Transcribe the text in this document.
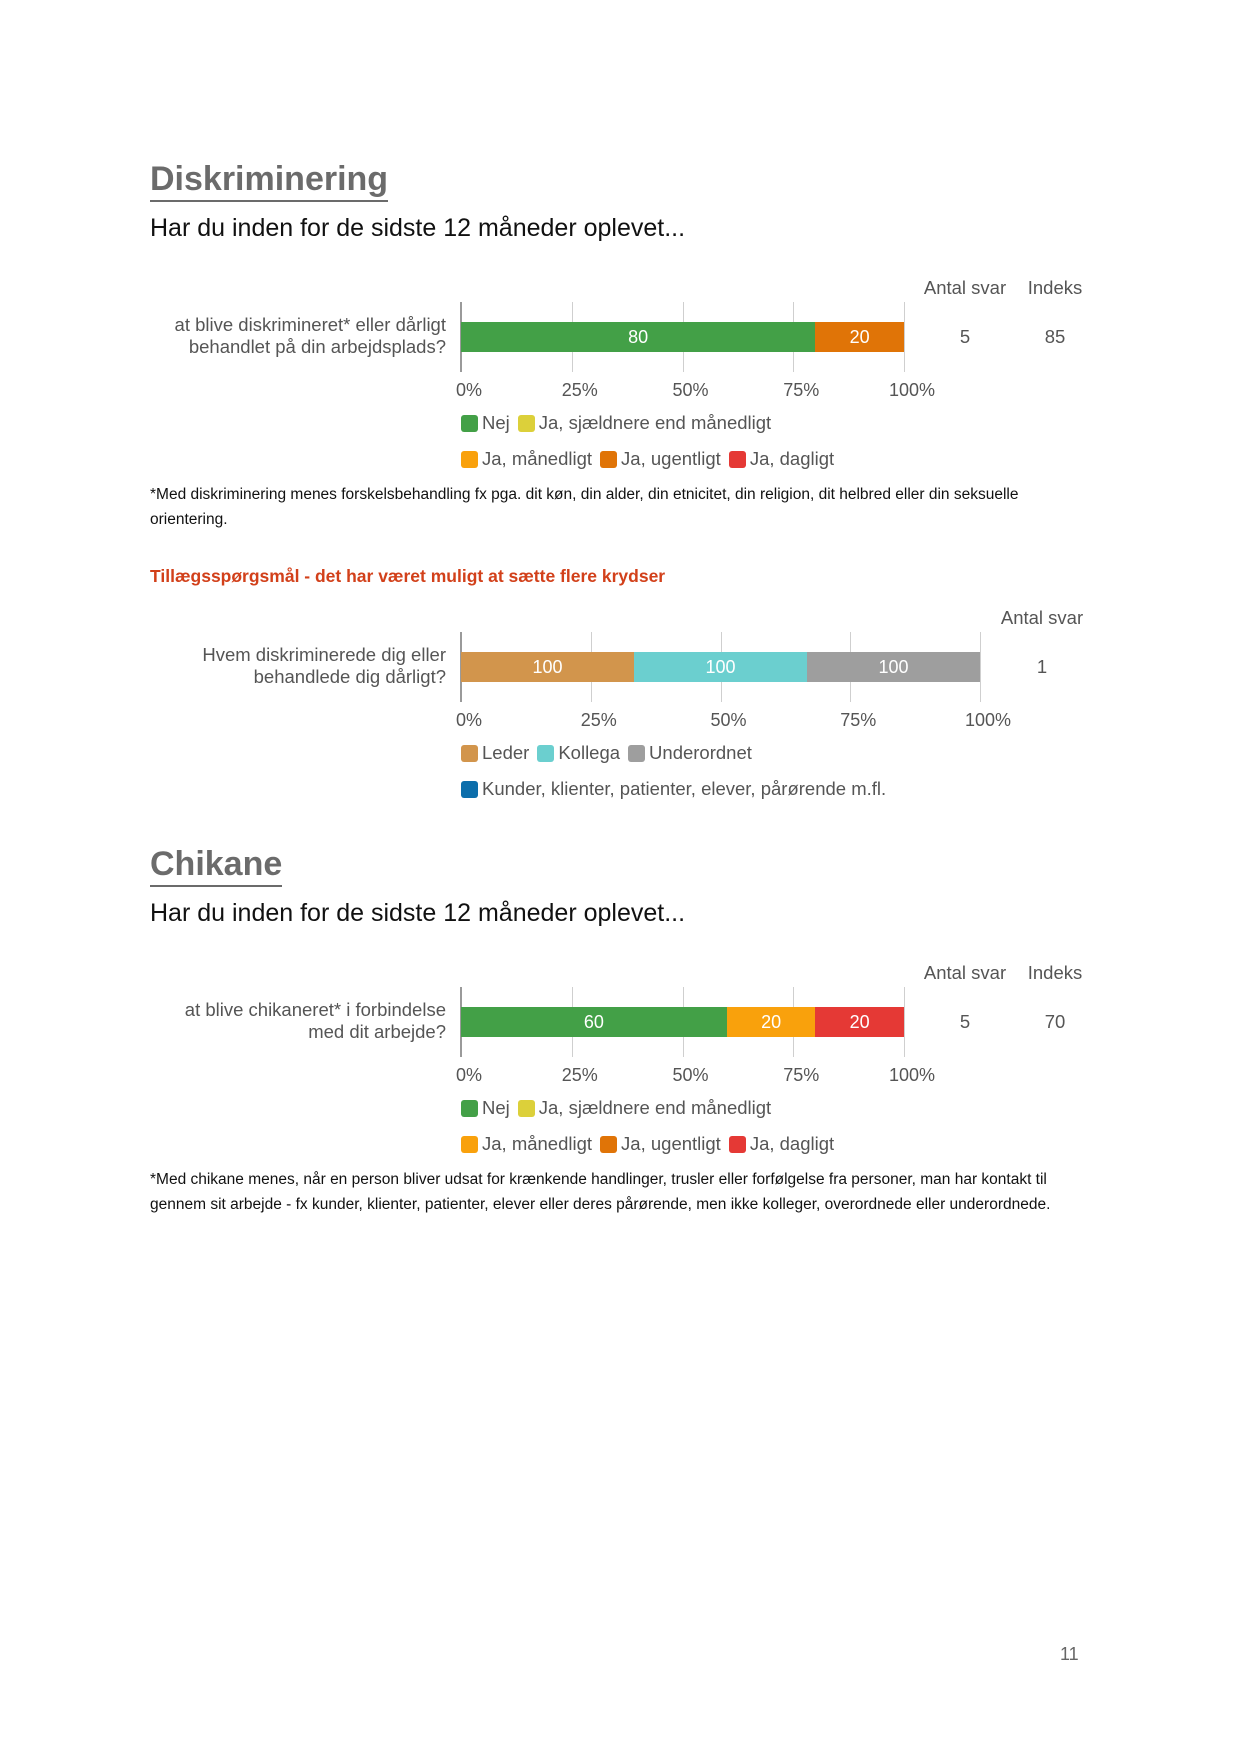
Diskriminering
Har du inden for de sidste 12 måneder oplevet...
at blive diskrimineret* eller dårligt
behandlet på din arbejdsplads?
0%	25%	50%	75%	100%
80	20
Antal svar
5
Indeks
85
Nej Ja, sjældnere end månedligt
Ja, månedligt Ja, ugentligt Ja, dagligt
*Med diskriminering menes forskelsbehandling fx pga. dit køn, din alder, din etnicitet, din religion, dit helbred eller din seksuelle orientering.
Tillægsspørgsmål - det har været muligt at sætte flere krydser
Hvem diskriminerede dig eller
behandlede dig dårligt?
0%	25%	50%	75%	100%
100	100	100
Antal svar
1
Leder Kollega Underordnet
Kunder, klienter, patienter, elever, pårørende m.fl.
Chikane
Har du inden for de sidste 12 måneder oplevet...
at blive chikaneret* i forbindelse
med dit arbejde?
0%	25%	50%	75%	100%
60	20	20
Antal svar
5
Indeks
70
Nej Ja, sjældnere end månedligt
Ja, månedligt Ja, ugentligt Ja, dagligt
*Med chikane menes, når en person bliver udsat for krænkende handlinger, trusler eller forfølgelse fra personer, man har kontakt til gennem sit arbejde - fx kunder, klienter, patienter, elever eller deres pårørende, men ikke kolleger, overordnede eller underordnede.
11
